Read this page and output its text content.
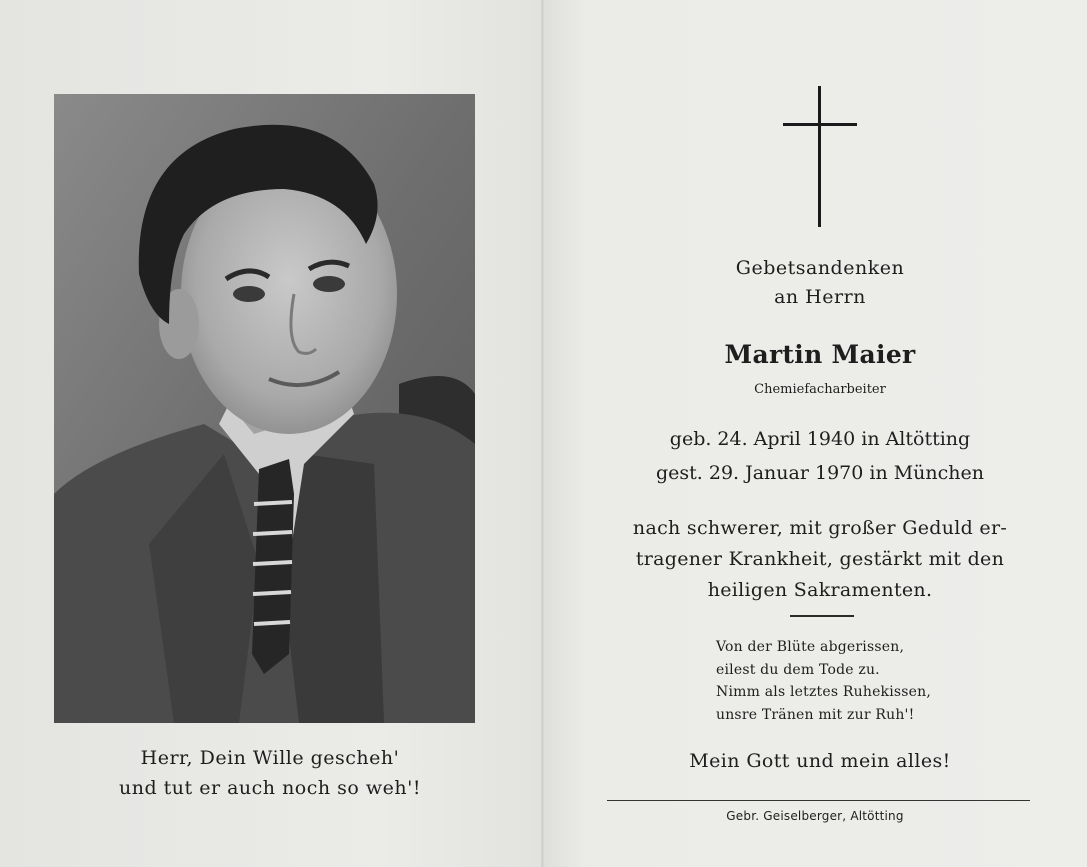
Herr, Dein Wille gescheh'
und tut er auch noch so weh'!
Gebetsandenken
an Herrn
Martin Maier
Chemiefacharbeiter
geb. 24. April 1940 in Altötting
gest. 29. Januar 1970 in München
nach schwerer, mit großer Geduld er-
tragener Krankheit, gestärkt mit den
heiligen Sakramenten.
Von der Blüte abgerissen,
eilest du dem Tode zu.
Nimm als letztes Ruhekissen,
unsre Tränen mit zur Ruh'!
Mein Gott und mein alles!
Gebr. Geiselberger, Altötting
